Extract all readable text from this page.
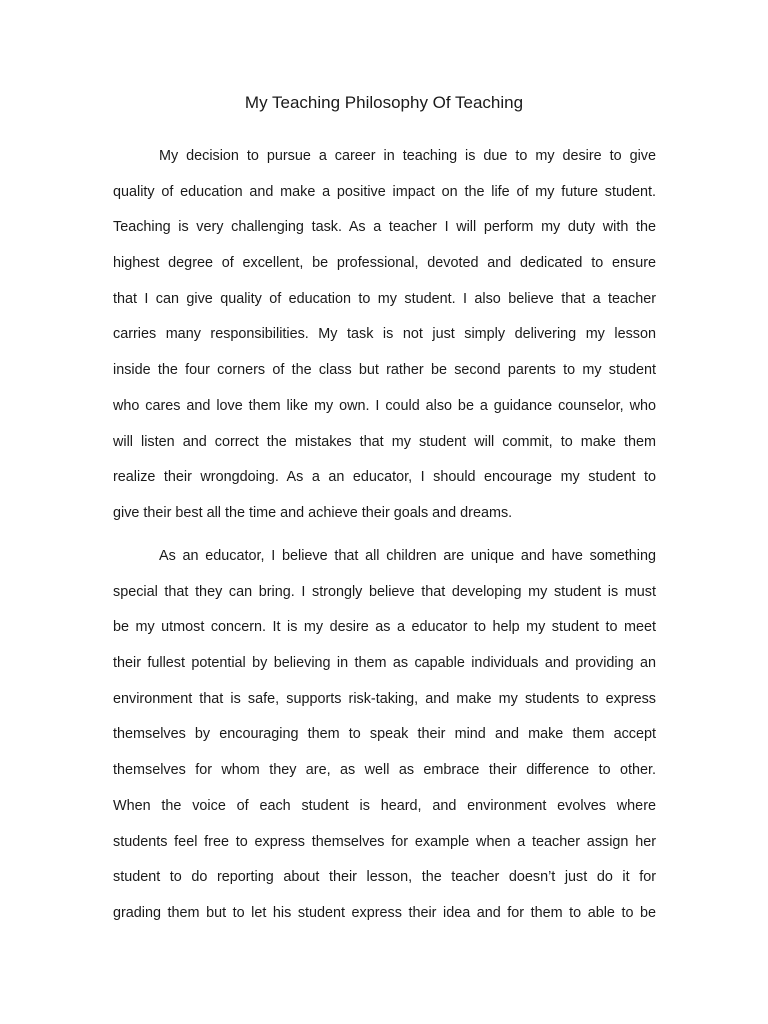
My Teaching Philosophy Of Teaching
My decision to pursue a career in teaching is due to my desire to give
quality of education and make a positive impact on the life of my future student.
Teaching is very challenging task. As a teacher I will perform my duty with the
highest degree of excellent, be professional, devoted and dedicated to ensure
that I can give quality of education to my student. I also believe that a teacher
carries many responsibilities. My task is not just simply delivering my lesson
inside the four corners of the class but rather be second parents to my student
who cares and love them like my own. I could also be a guidance counselor, who
will listen and correct the mistakes that my student will commit, to make them
realize their wrongdoing. As a an educator, I should encourage my student to
give their best all the time and achieve their goals and dreams.
As an educator, I believe that all children are unique and have something
special that they can bring. I strongly believe that developing my student is must
be my utmost concern. It is my desire as a educator to help my student to meet
their fullest potential by believing in them as capable individuals and providing an
environment that is safe, supports risk-taking, and make my students to express
themselves by encouraging them to speak their mind and make them accept
themselves for whom they are, as well as embrace their difference to other.
When the voice of each student is heard, and environment evolves where
students feel free to express themselves for example when a teacher assign her
student to do reporting about their lesson, the teacher doesn’t just do it for
grading them but to let his student express their idea and for them to able to be
